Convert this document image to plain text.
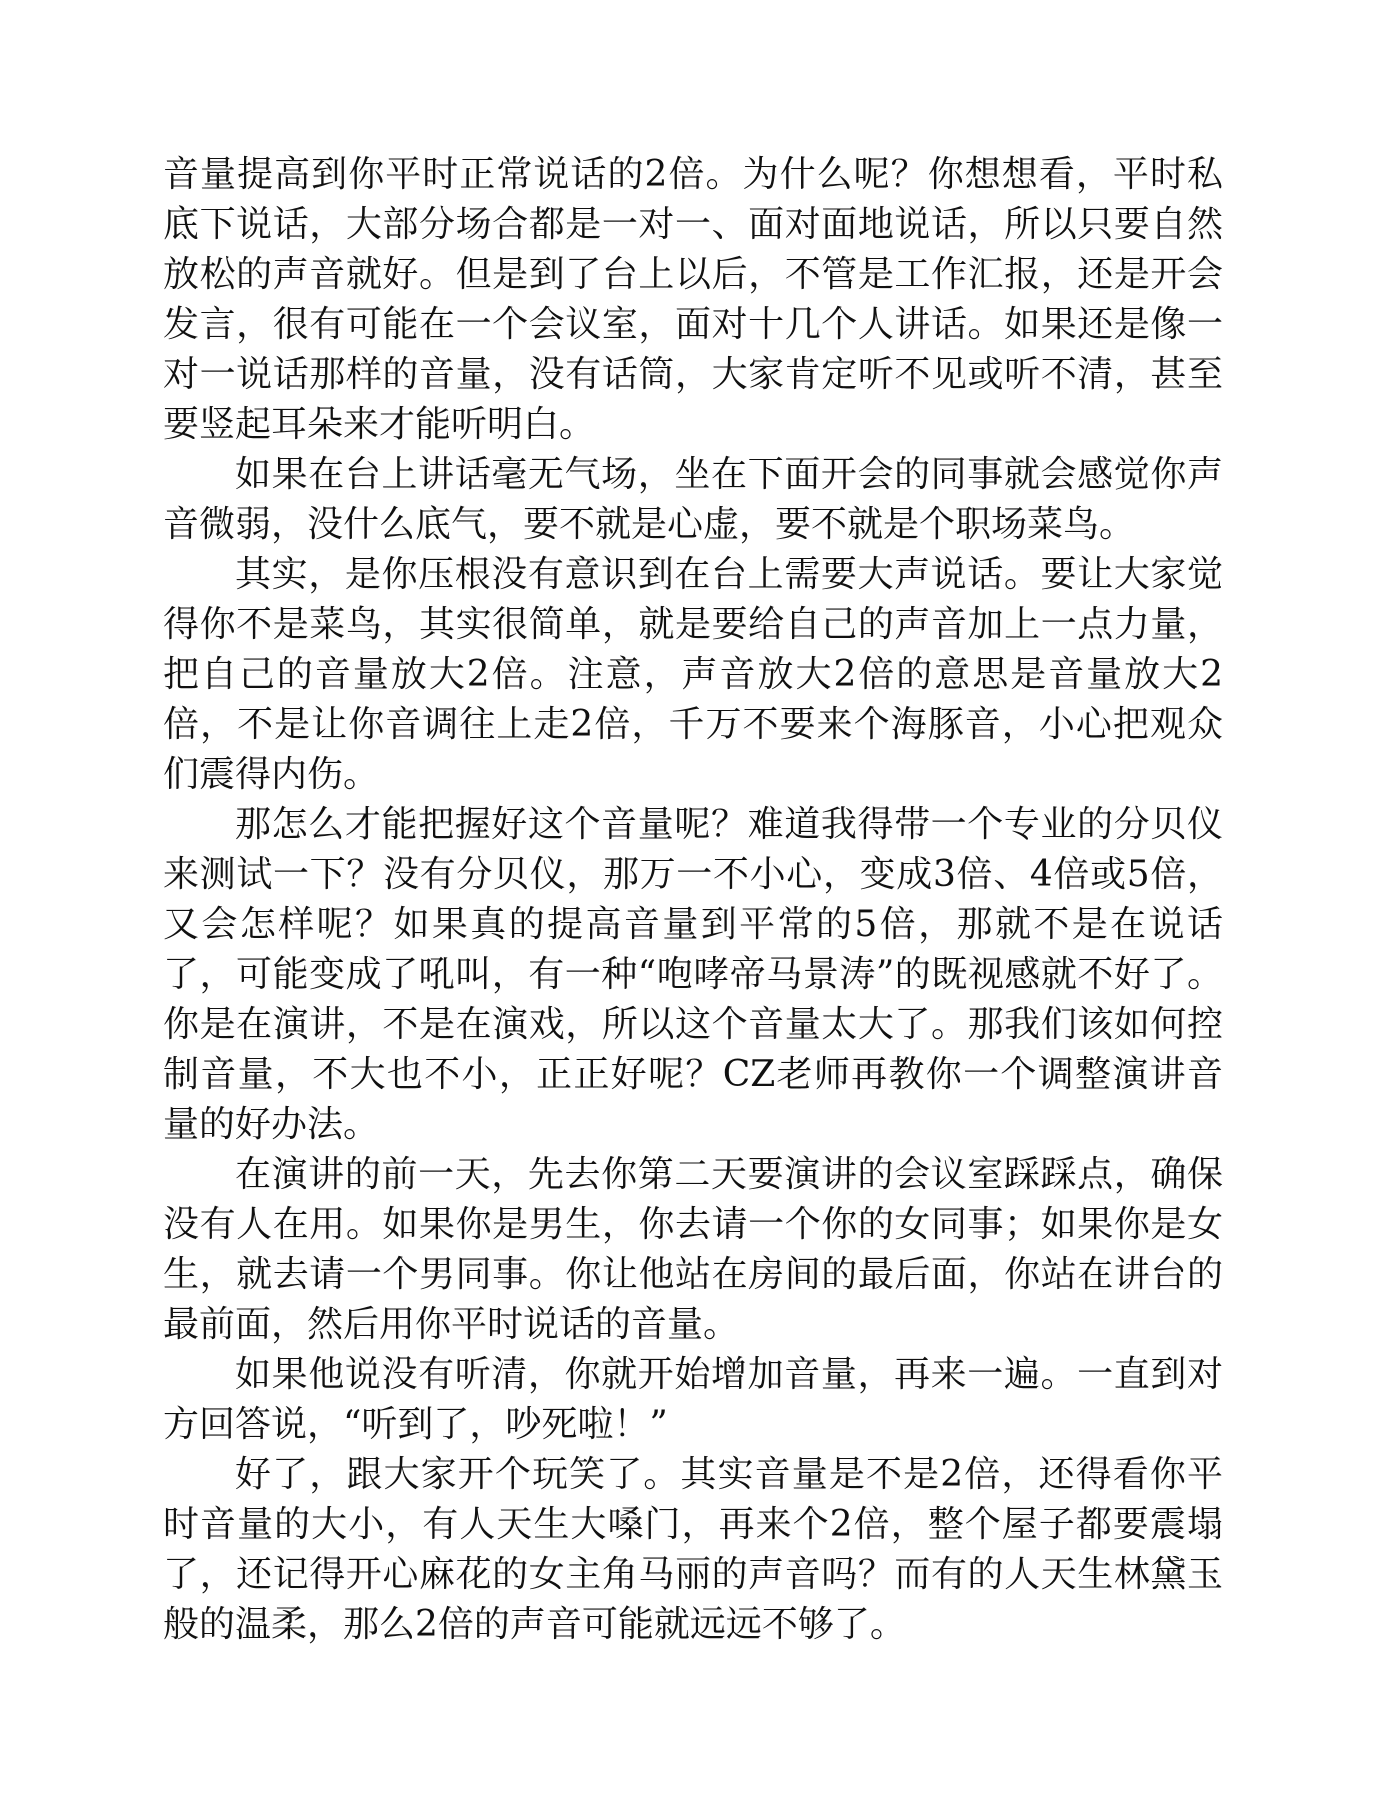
音量提高到你平时正常说话的2倍。为什么呢？你想想看，平时私底下说话，大部分场合都是一对一、面对面地说话，所以只要自然放松的声音就好。但是到了台上以后，不管是工作汇报，还是开会发言，很有可能在一个会议室，面对十几个人讲话。如果还是像一对一说话那样的音量，没有话筒，大家肯定听不见或听不清，甚至要竖起耳朵来才能听明白。

如果在台上讲话毫无气场，坐在下面开会的同事就会感觉你声音微弱，没什么底气，要不就是心虚，要不就是个职场菜鸟。

其实，是你压根没有意识到在台上需要大声说话。要让大家觉得你不是菜鸟，其实很简单，就是要给自己的声音加上一点力量，把自己的音量放大2倍。注意，声音放大2倍的意思是音量放大2倍，不是让你音调往上走2倍，千万不要来个海豚音，小心把观众们震得内伤。

那怎么才能把握好这个音量呢？难道我得带一个专业的分贝仪来测试一下？没有分贝仪，那万一不小心，变成3倍、4倍或5倍，又会怎样呢？如果真的提高音量到平常的5倍，那就不是在说话了，可能变成了吼叫，有一种“咆哮帝马景涛”的既视感就不好了。你是在演讲，不是在演戏，所以这个音量太大了。那我们该如何控制音量，不大也不小，正正好呢？CZ老师再教你一个调整演讲音量的好办法。

在演讲的前一天，先去你第二天要演讲的会议室踩踩点，确保没有人在用。如果你是男生，你去请一个你的女同事；如果你是女生，就去请一个男同事。你让他站在房间的最后面，你站在讲台的最前面，然后用你平时说话的音量。

如果他说没有听清，你就开始增加音量，再来一遍。一直到对方回答说，“听到了，吵死啦！”

好了，跟大家开个玩笑了。其实音量是不是2倍，还得看你平时音量的大小，有人天生大嗓门，再来个2倍，整个屋子都要震塌了，还记得开心麻花的女主角马丽的声音吗？而有的人天生林黛玉般的温柔，那么2倍的声音可能就远远不够了。
